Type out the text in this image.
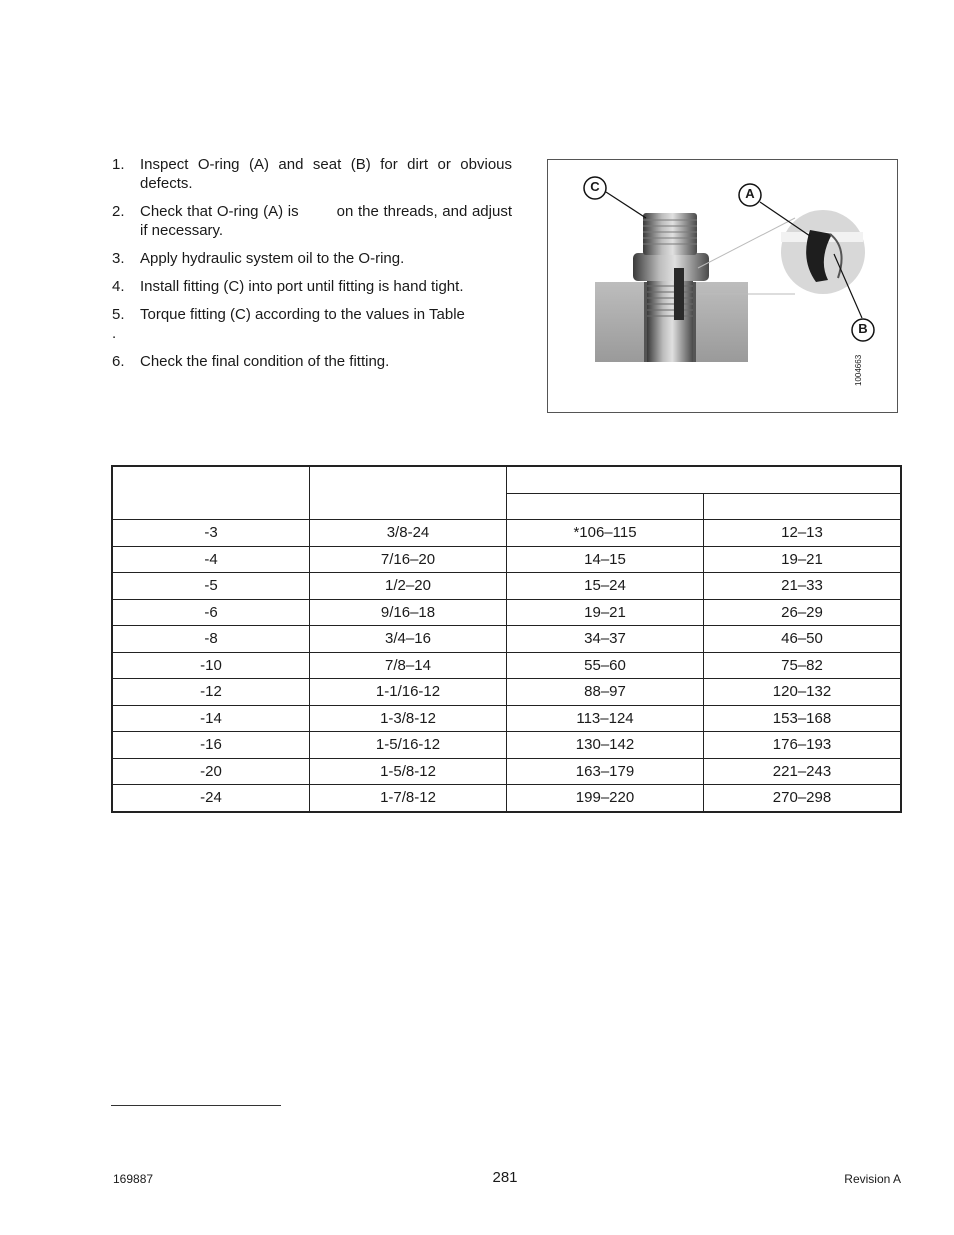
1. Inspect O-ring (A) and seat (B) for dirt or obvious defects.
2. Check that O-ring (A) is	on the threads, and adjust if necessary.
3. Apply hydraulic system oil to the O-ring.
4. Install fitting (C) into port until fitting is hand tight.
5. Torque fitting (C) according to the values in Table
.
6. Check the final condition of the fitting.
C	A
B
1004663

-3	3/8-24	*106–115	12–13
-4	7/16–20	14–15	19–21
-5	1/2–20	15–24	21–33
-6	9/16–18	19–21	26–29
-8	3/4–16	34–37	46–50
-10	7/8–14	55–60	75–82
-12	1-1/16-12	88–97	120–132
-14	1-3/8-12	113–124	153–168
-16	1-5/16-12	130–142	176–193
-20	1-5/8-12	163–179	221–243
-24	1-7/8-12	199–220	270–298
169887	281	Revision A
